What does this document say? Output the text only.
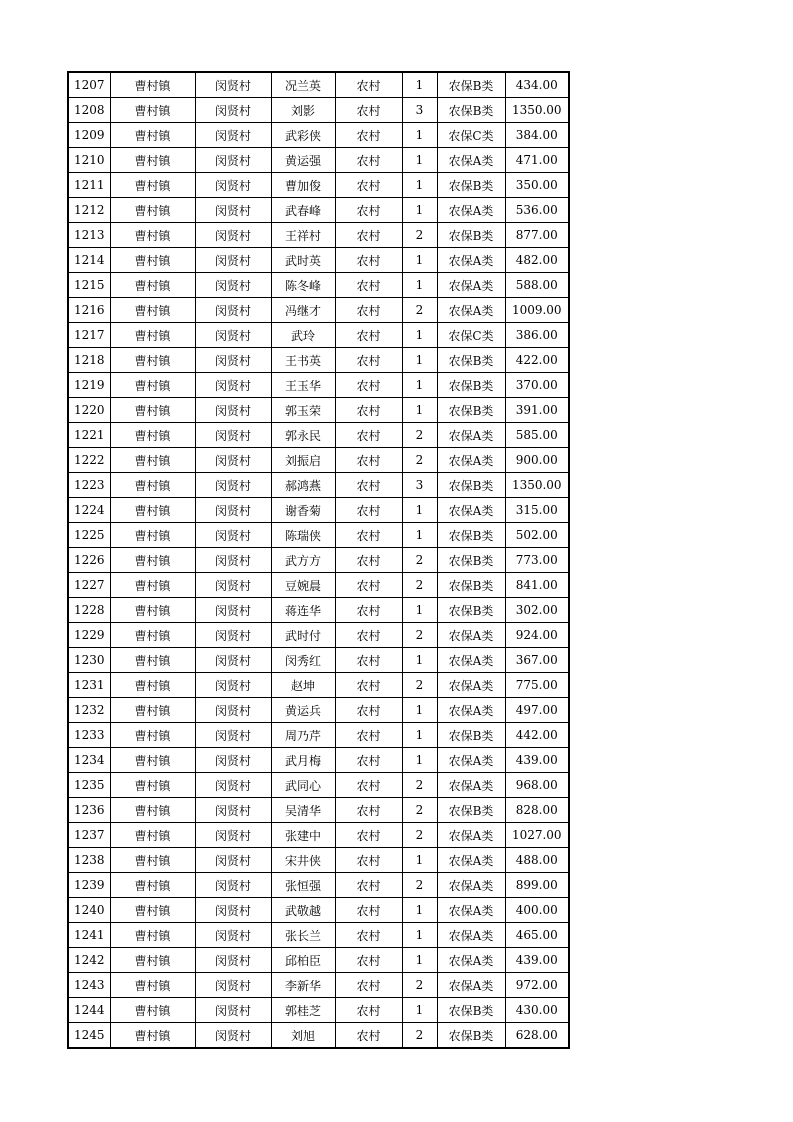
1207	曹村镇	闵贤村	况兰英	农村	1	农保B类	434.00
1208	曹村镇	闵贤村	刘影	农村	3	农保B类	1350.00
1209	曹村镇	闵贤村	武彩侠	农村	1	农保C类	384.00
1210	曹村镇	闵贤村	黄运强	农村	1	农保A类	471.00
1211	曹村镇	闵贤村	曹加俊	农村	1	农保B类	350.00
1212	曹村镇	闵贤村	武春峰	农村	1	农保A类	536.00
1213	曹村镇	闵贤村	王祥村	农村	2	农保B类	877.00
1214	曹村镇	闵贤村	武时英	农村	1	农保A类	482.00
1215	曹村镇	闵贤村	陈冬峰	农村	1	农保A类	588.00
1216	曹村镇	闵贤村	冯继才	农村	2	农保A类	1009.00
1217	曹村镇	闵贤村	武玲	农村	1	农保C类	386.00
1218	曹村镇	闵贤村	王书英	农村	1	农保B类	422.00
1219	曹村镇	闵贤村	王玉华	农村	1	农保B类	370.00
1220	曹村镇	闵贤村	郭玉荣	农村	1	农保B类	391.00
1221	曹村镇	闵贤村	郭永民	农村	2	农保A类	585.00
1222	曹村镇	闵贤村	刘振启	农村	2	农保A类	900.00
1223	曹村镇	闵贤村	郝鸿燕	农村	3	农保B类	1350.00
1224	曹村镇	闵贤村	谢香菊	农村	1	农保A类	315.00
1225	曹村镇	闵贤村	陈瑞侠	农村	1	农保B类	502.00
1226	曹村镇	闵贤村	武方方	农村	2	农保B类	773.00
1227	曹村镇	闵贤村	豆婉晨	农村	2	农保B类	841.00
1228	曹村镇	闵贤村	蒋连华	农村	1	农保B类	302.00
1229	曹村镇	闵贤村	武时付	农村	2	农保A类	924.00
1230	曹村镇	闵贤村	闵秀红	农村	1	农保A类	367.00
1231	曹村镇	闵贤村	赵坤	农村	2	农保A类	775.00
1232	曹村镇	闵贤村	黄运兵	农村	1	农保A类	497.00
1233	曹村镇	闵贤村	周乃芹	农村	1	农保B类	442.00
1234	曹村镇	闵贤村	武月梅	农村	1	农保A类	439.00
1235	曹村镇	闵贤村	武同心	农村	2	农保A类	968.00
1236	曹村镇	闵贤村	吴清华	农村	2	农保B类	828.00
1237	曹村镇	闵贤村	张建中	农村	2	农保A类	1027.00
1238	曹村镇	闵贤村	宋井侠	农村	1	农保A类	488.00
1239	曹村镇	闵贤村	张恒强	农村	2	农保A类	899.00
1240	曹村镇	闵贤村	武敬越	农村	1	农保A类	400.00
1241	曹村镇	闵贤村	张长兰	农村	1	农保A类	465.00
1242	曹村镇	闵贤村	邱柏臣	农村	1	农保A类	439.00
1243	曹村镇	闵贤村	李新华	农村	2	农保A类	972.00
1244	曹村镇	闵贤村	郭桂芝	农村	1	农保B类	430.00
1245	曹村镇	闵贤村	刘旭	农村	2	农保B类	628.00
